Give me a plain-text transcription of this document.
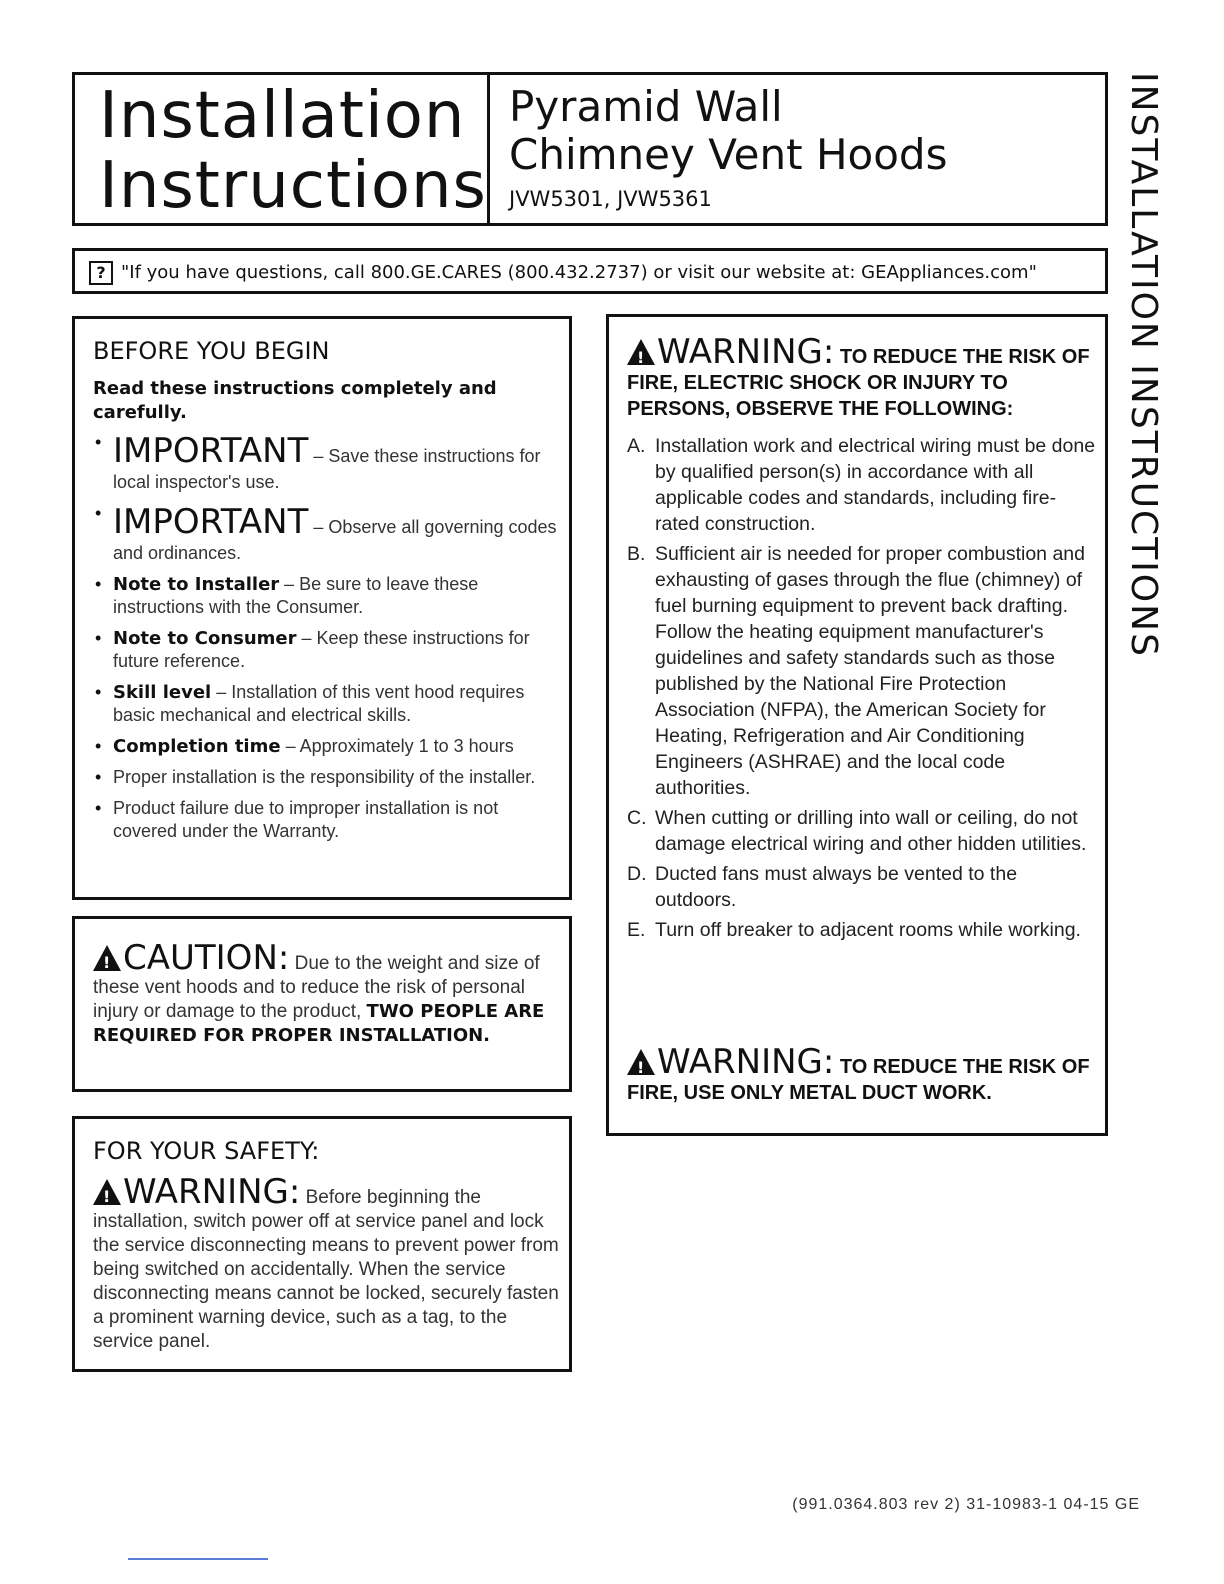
Installation
Instructions
Pyramid Wall
Chimney Vent Hoods
JVW5301, JVW5361
? "If you have questions, call 800.GE.CARES (800.432.2737) or visit our website at: GEAppliances.com"
BEFORE YOU BEGIN
Read these instructions completely and carefully.
• IMPORTANT – Save these instructions for local inspector's use.
• IMPORTANT – Observe all governing codes and ordinances.
• Note to Installer – Be sure to leave these instructions with the Consumer.
• Note to Consumer – Keep these instructions for future reference.
• Skill level – Installation of this vent hood requires basic mechanical and electrical skills.
• Completion time – Approximately 1 to 3 hours
• Proper installation is the responsibility of the installer.
• Product failure due to improper installation is not covered under the Warranty.
!CAUTION: Due to the weight and size of these vent hoods and to reduce the risk of personal injury or damage to the product, TWO PEOPLE ARE REQUIRED FOR PROPER INSTALLATION.
FOR YOUR SAFETY:
!WARNING: Before beginning the installation, switch power off at service panel and lock the service disconnecting means to prevent power from being switched on accidentally. When the service disconnecting means cannot be locked, securely fasten a prominent warning device, such as a tag, to the service panel.
!WARNING: TO REDUCE THE RISK OF FIRE, ELECTRIC SHOCK OR INJURY TO PERSONS, OBSERVE THE FOLLOWING:
A. Installation work and electrical wiring must be done by qualified person(s) in accordance with all applicable codes and standards, including fire-rated construction.
B. Sufficient air is needed for proper combustion and exhausting of gases through the flue (chimney) of fuel burning equipment to prevent back drafting. Follow the heating equipment manufacturer's guidelines and safety standards such as those published by the National Fire Protection Association (NFPA), the American Society for Heating, Refrigeration and Air Conditioning Engineers (ASHRAE) and the local code authorities.
C. When cutting or drilling into wall or ceiling, do not damage electrical wiring and other hidden utilities.
D. Ducted fans must always be vented to the outdoors.
E. Turn off breaker to adjacent rooms while working.
!WARNING: TO REDUCE THE RISK OF FIRE, USE ONLY METAL DUCT WORK.
INSTALLATION INSTRUCTIONS
(991.0364.803 rev 2) 31-10983-1 04-15 GE
